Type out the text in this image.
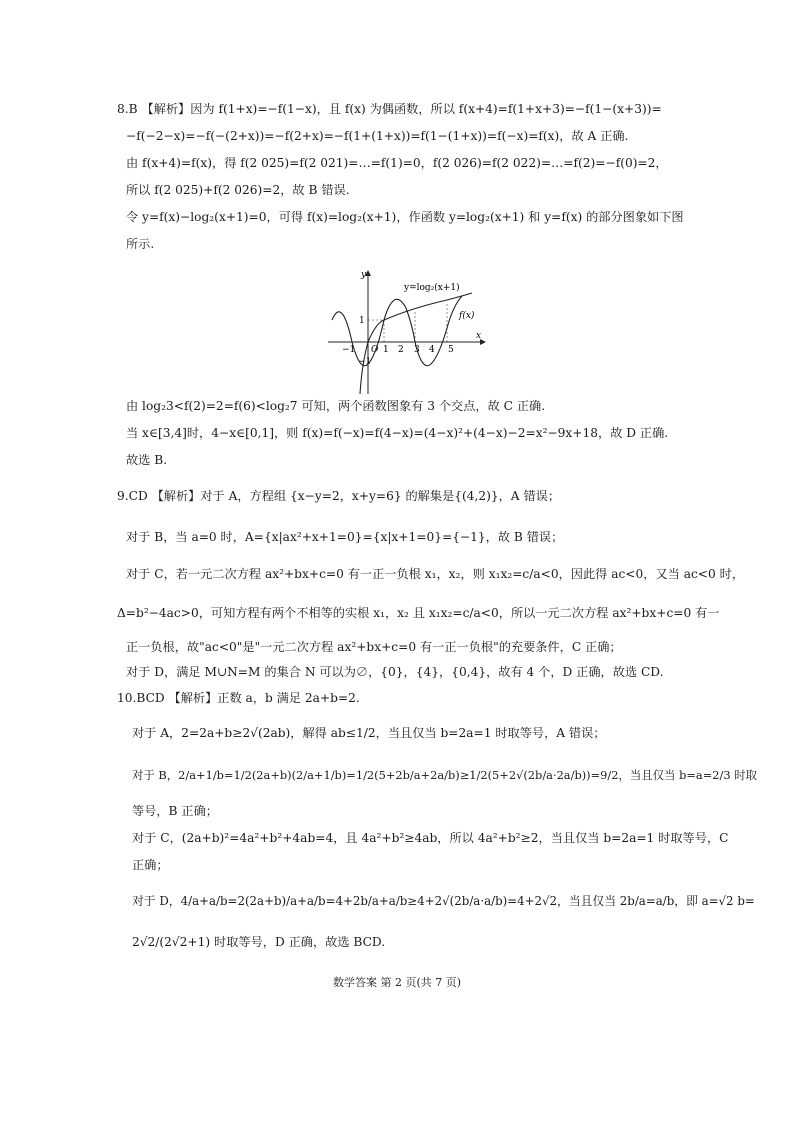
8.B 【解析】因为 f(1+x)=−f(1−x)，且 f(x) 为偶函数，所以 f(x+4)=f(1+x+3)=−f(1−(x+3))=
−f(−2−x)=−f(−(2+x))=−f(2+x)=−f(1+(1+x))=f(1−(1+x))=f(−x)=f(x)，故 A 正确.
由 f(x+4)=f(x)，得 f(2 025)=f(2 021)=…=f(1)=0，f(2 026)=f(2 022)=…=f(2)=−f(0)=2，
所以 f(2 025)+f(2 026)=2，故 B 错误.
令 y=f(x)−log₂(x+1)=0，可得 f(x)=log₂(x+1)，作函数 y=log₂(x+1) 和 y=f(x) 的部分图象如下图
所示.
由 log₂3<f(2)=2=f(6)<log₂7 可知，两个函数图象有 3 个交点，故 C 正确.
当 x∈[3,4]时，4−x∈[0,1]，则 f(x)=f(−x)=f(4−x)=(4−x)²+(4−x)−2=x²−9x+18，故 D 正确.
故选 B.
9.CD 【解析】对于 A，方程组 {x−y=2，x+y=6} 的解集是{(4,2)}，A 错误；
对于 B，当 a=0 时，A={x|ax²+x+1=0}={x|x+1=0}={−1}，故 B 错误；
对于 C，若一元二次方程 ax²+bx+c=0 有一正一负根 x₁，x₂，则 x₁x₂=c/a<0，因此得 ac<0，又当 ac<0 时，
Δ=b²−4ac>0，可知方程有两个不相等的实根 x₁，x₂ 且 x₁x₂=c/a<0，所以一元二次方程 ax²+bx+c=0 有一
正一负根，故"ac<0"是"一元二次方程 ax²+bx+c=0 有一正一负根"的充要条件，C 正确；
对于 D，满足 M∪N=M 的集合 N 可以为∅，{0}，{4}，{0,4}，故有 4 个，D 正确，故选 CD.
10.BCD 【解析】正数 a，b 满足 2a+b=2.
对于 A，2=2a+b≥2√(2ab)，解得 ab≤1/2，当且仅当 b=2a=1 时取等号，A 错误；
对于 B，2/a+1/b=1/2(2a+b)(2/a+1/b)=1/2(5+2b/a+2a/b)≥1/2(5+2√(2b/a·2a/b))=9/2，当且仅当 b=a=2/3 时取
等号，B 正确；
对于 C，(2a+b)²=4a²+b²+4ab=4，且 4a²+b²≥4ab，所以 4a²+b²≥2，当且仅当 b=2a=1 时取等号，C
正确；
对于 D，4/a+a/b=2(2a+b)/a+a/b=4+2b/a+a/b≥4+2√(2b/a·a/b)=4+2√2，当且仅当 2b/a=a/b，即 a=√2 b=
2√2/(2√2+1) 时取等号，D 正确，故选 BCD.
x
y
O
−1	1 2 3 4 5
1
−1
y=log₂(x+1)
f(x)
数学答案 第 2 页(共 7 页)
